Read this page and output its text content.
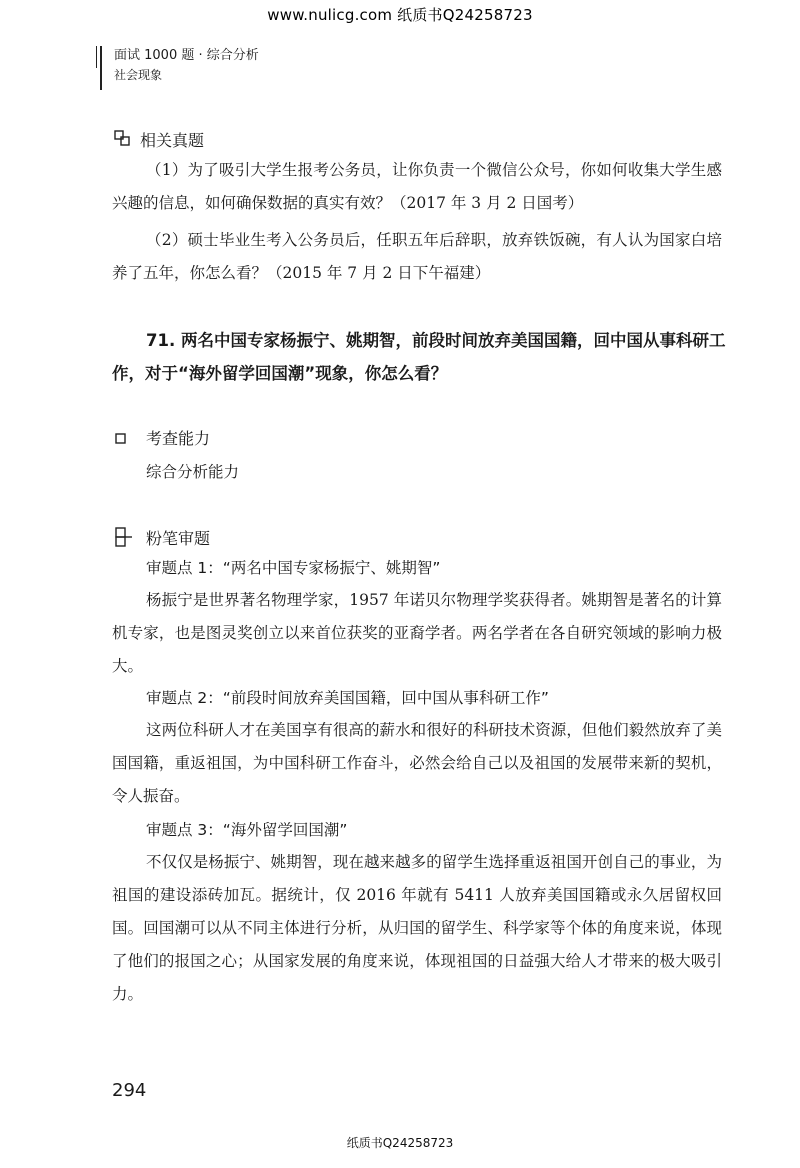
www.nulicg.com 纸质书Q24258723
面试 1000 题 · 综合分析
社会现象
相关真题
（1）为了吸引大学生报考公务员，让你负责一个微信公众号，你如何收集大学生感兴趣的信息，如何确保数据的真实有效？（2017 年 3 月 2 日国考）
（2）硕士毕业生考入公务员后，任职五年后辞职，放弃铁饭碗，有人认为国家白培养了五年，你怎么看？（2015 年 7 月 2 日下午福建）
71. 两名中国专家杨振宁、姚期智，前段时间放弃美国国籍，回中国从事科研工作，对于“海外留学回国潮”现象，你怎么看？
考查能力
综合分析能力
粉笔审题
审题点 1：“两名中国专家杨振宁、姚期智”
杨振宁是世界著名物理学家，1957 年诺贝尔物理学奖获得者。姚期智是著名的计算机专家，也是图灵奖创立以来首位获奖的亚裔学者。两名学者在各自研究领域的影响力极大。
审题点 2：“前段时间放弃美国国籍，回中国从事科研工作”
这两位科研人才在美国享有很高的薪水和很好的科研技术资源，但他们毅然放弃了美国国籍，重返祖国，为中国科研工作奋斗，必然会给自己以及祖国的发展带来新的契机，令人振奋。
审题点 3：“海外留学回国潮”
不仅仅是杨振宁、姚期智，现在越来越多的留学生选择重返祖国开创自己的事业，为祖国的建设添砖加瓦。据统计，仅 2016 年就有 5411 人放弃美国国籍或永久居留权回国。回国潮可以从不同主体进行分析，从归国的留学生、科学家等个体的角度来说，体现了他们的报国之心；从国家发展的角度来说，体现祖国的日益强大给人才带来的极大吸引力。
294
纸质书Q24258723
